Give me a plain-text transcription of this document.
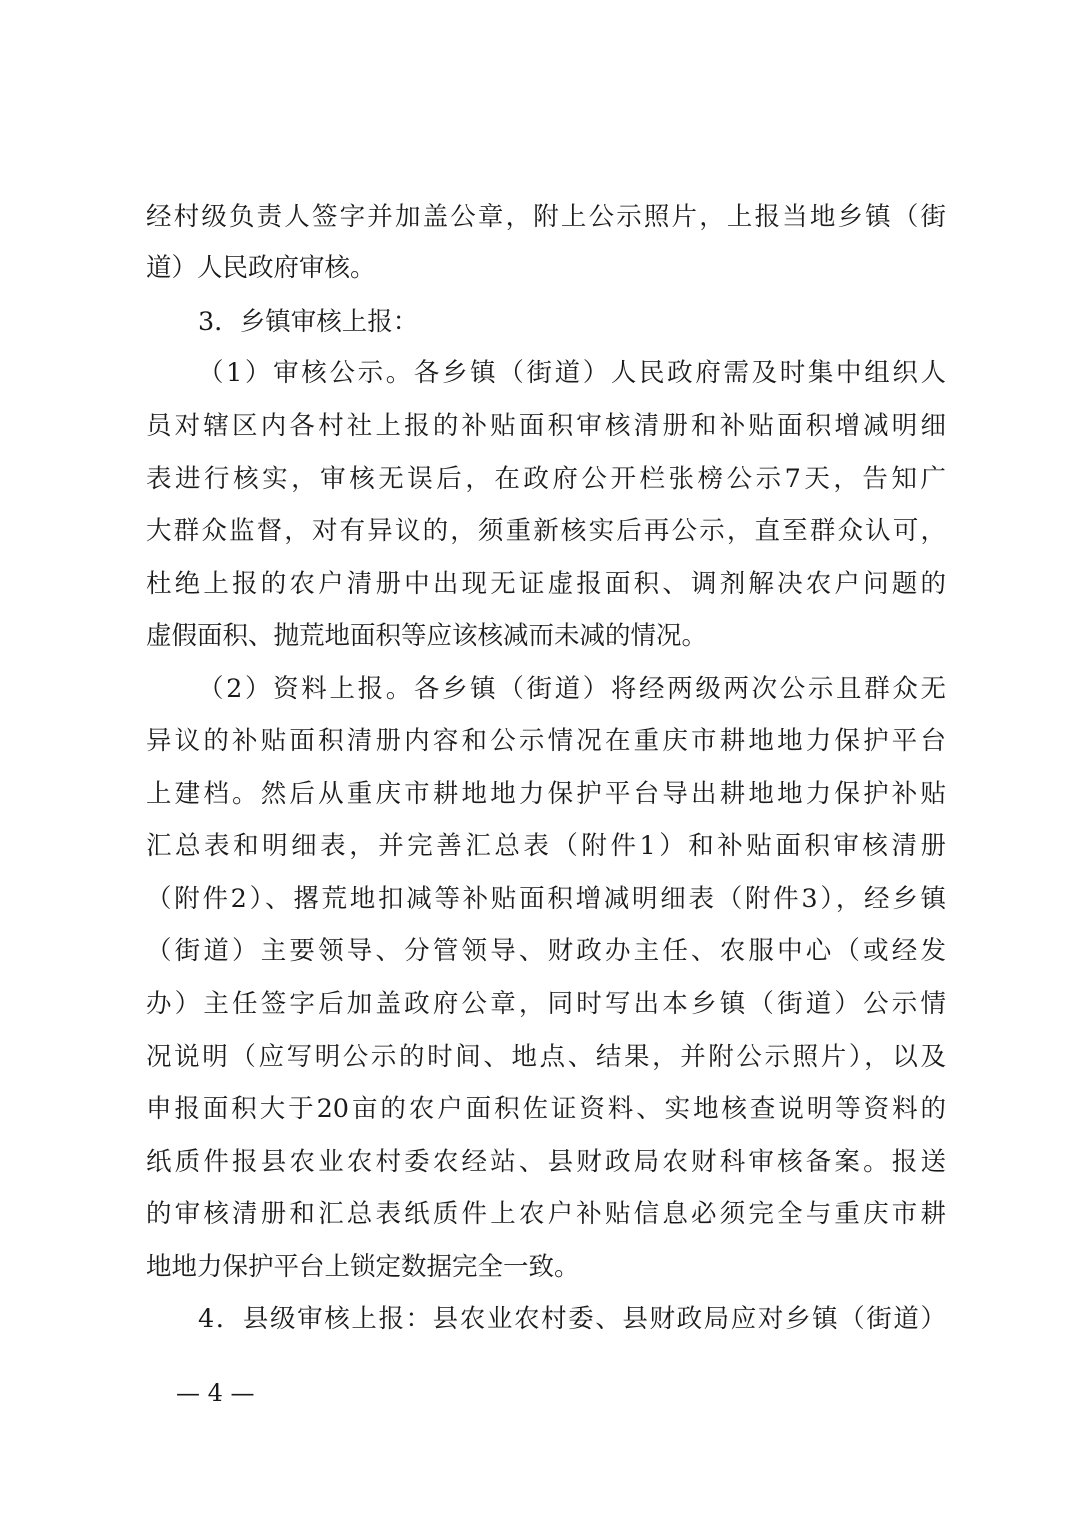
经村级负责人签字并加盖公章，附上公示照片，上报当地乡镇（街
道）人民政府审核。
3．乡镇审核上报：
（1）审核公示。各乡镇（街道）人民政府需及时集中组织人
员对辖区内各村社上报的补贴面积审核清册和补贴面积增减明细
表进行核实，审核无误后，在政府公开栏张榜公示7天，告知广
大群众监督，对有异议的，须重新核实后再公示，直至群众认可，
杜绝上报的农户清册中出现无证虚报面积、调剂解决农户问题的
虚假面积、抛荒地面积等应该核减而未减的情况。
（2）资料上报。各乡镇（街道）将经两级两次公示且群众无
异议的补贴面积清册内容和公示情况在重庆市耕地地力保护平台
上建档。然后从重庆市耕地地力保护平台导出耕地地力保护补贴
汇总表和明细表，并完善汇总表（附件1）和补贴面积审核清册
（附件2）、撂荒地扣减等补贴面积增减明细表（附件3），经乡镇
（街道）主要领导、分管领导、财政办主任、农服中心（或经发
办）主任签字后加盖政府公章，同时写出本乡镇（街道）公示情
况说明（应写明公示的时间、地点、结果，并附公示照片），以及
申报面积大于20亩的农户面积佐证资料、实地核查说明等资料的
纸质件报县农业农村委农经站、县财政局农财科审核备案。报送
的审核清册和汇总表纸质件上农户补贴信息必须完全与重庆市耕
地地力保护平台上锁定数据完全一致。
4．县级审核上报：县农业农村委、县财政局应对乡镇（街道）
— 4 —
